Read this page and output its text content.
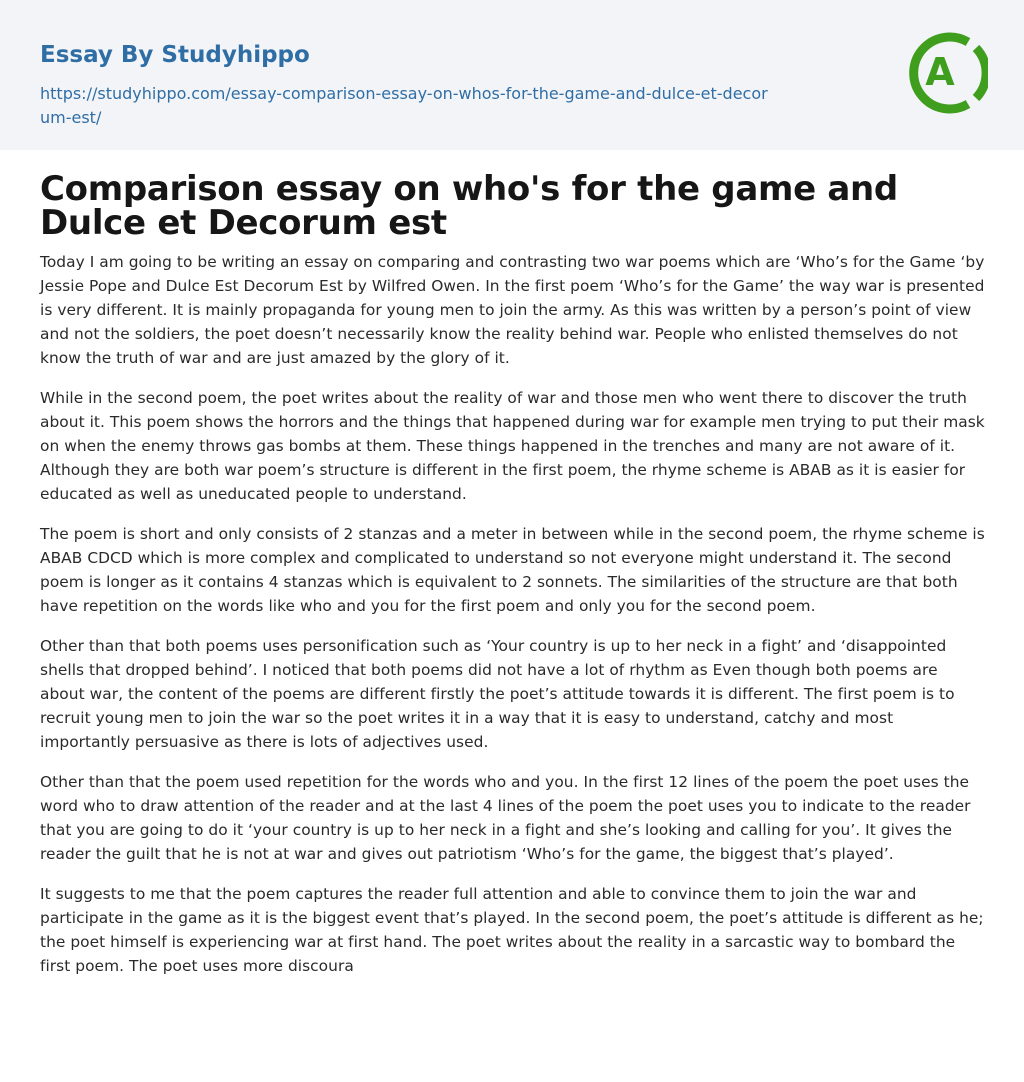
Essay By Studyhippo
https://studyhippo.com/essay-comparison-essay-on-whos-for-the-game-and-dulce-et-decorum-est/
A
Comparison essay on who's for the game and Dulce et Decorum est

Today I am going to be writing an essay on comparing and contrasting two war poems which are ‘Who’s for the Game ‘by Jessie Pope and Dulce Est Decorum Est by Wilfred Owen. In the first poem ‘Who’s for the Game’ the way war is presented is very different. It is mainly propaganda for young men to join the army. As this was written by a person’s point of view and not the soldiers, the poet doesn’t necessarily know the reality behind war. People who enlisted themselves do not know the truth of war and are just amazed by the glory of it.

While in the second poem, the poet writes about the reality of war and those men who went there to discover the truth about it. This poem shows the horrors and the things that happened during war for example men trying to put their mask on when the enemy throws gas bombs at them. These things happened in the trenches and many are not aware of it. Although they are both war poem’s structure is different in the first poem, the rhyme scheme is ABAB as it is easier for educated as well as uneducated people to understand.

The poem is short and only consists of 2 stanzas and a meter in between while in the second poem, the rhyme scheme is ABAB CDCD which is more complex and complicated to understand so not everyone might understand it. The second poem is longer as it contains 4 stanzas which is equivalent to 2 sonnets. The similarities of the structure are that both have repetition on the words like who and you for the first poem and only you for the second poem.

Other than that both poems uses personification such as ‘Your country is up to her neck in a fight’ and ‘disappointed shells that dropped behind’. I noticed that both poems did not have a lot of rhythm as Even though both poems are about war, the content of the poems are different firstly the poet’s attitude towards it is different. The first poem is to recruit young men to join the war so the poet writes it in a way that it is easy to understand, catchy and most importantly persuasive as there is lots of adjectives used.

Other than that the poem used repetition for the words who and you. In the first 12 lines of the poem the poet uses the word who to draw attention of the reader and at the last 4 lines of the poem the poet uses you to indicate to the reader that you are going to do it ‘your country is up to her neck in a fight and she’s looking and calling for you’. It gives the reader the guilt that he is not at war and gives out patriotism ‘Who’s for the game, the biggest that’s played’.

It suggests to me that the poem captures the reader full attention and able to convince them to join the war and participate in the game as it is the biggest event that’s played. In the second poem, the poet’s attitude is different as he; the poet himself is experiencing war at first hand. The poet writes about the reality in a sarcastic way to bombard the first poem. The poet uses more discoura
